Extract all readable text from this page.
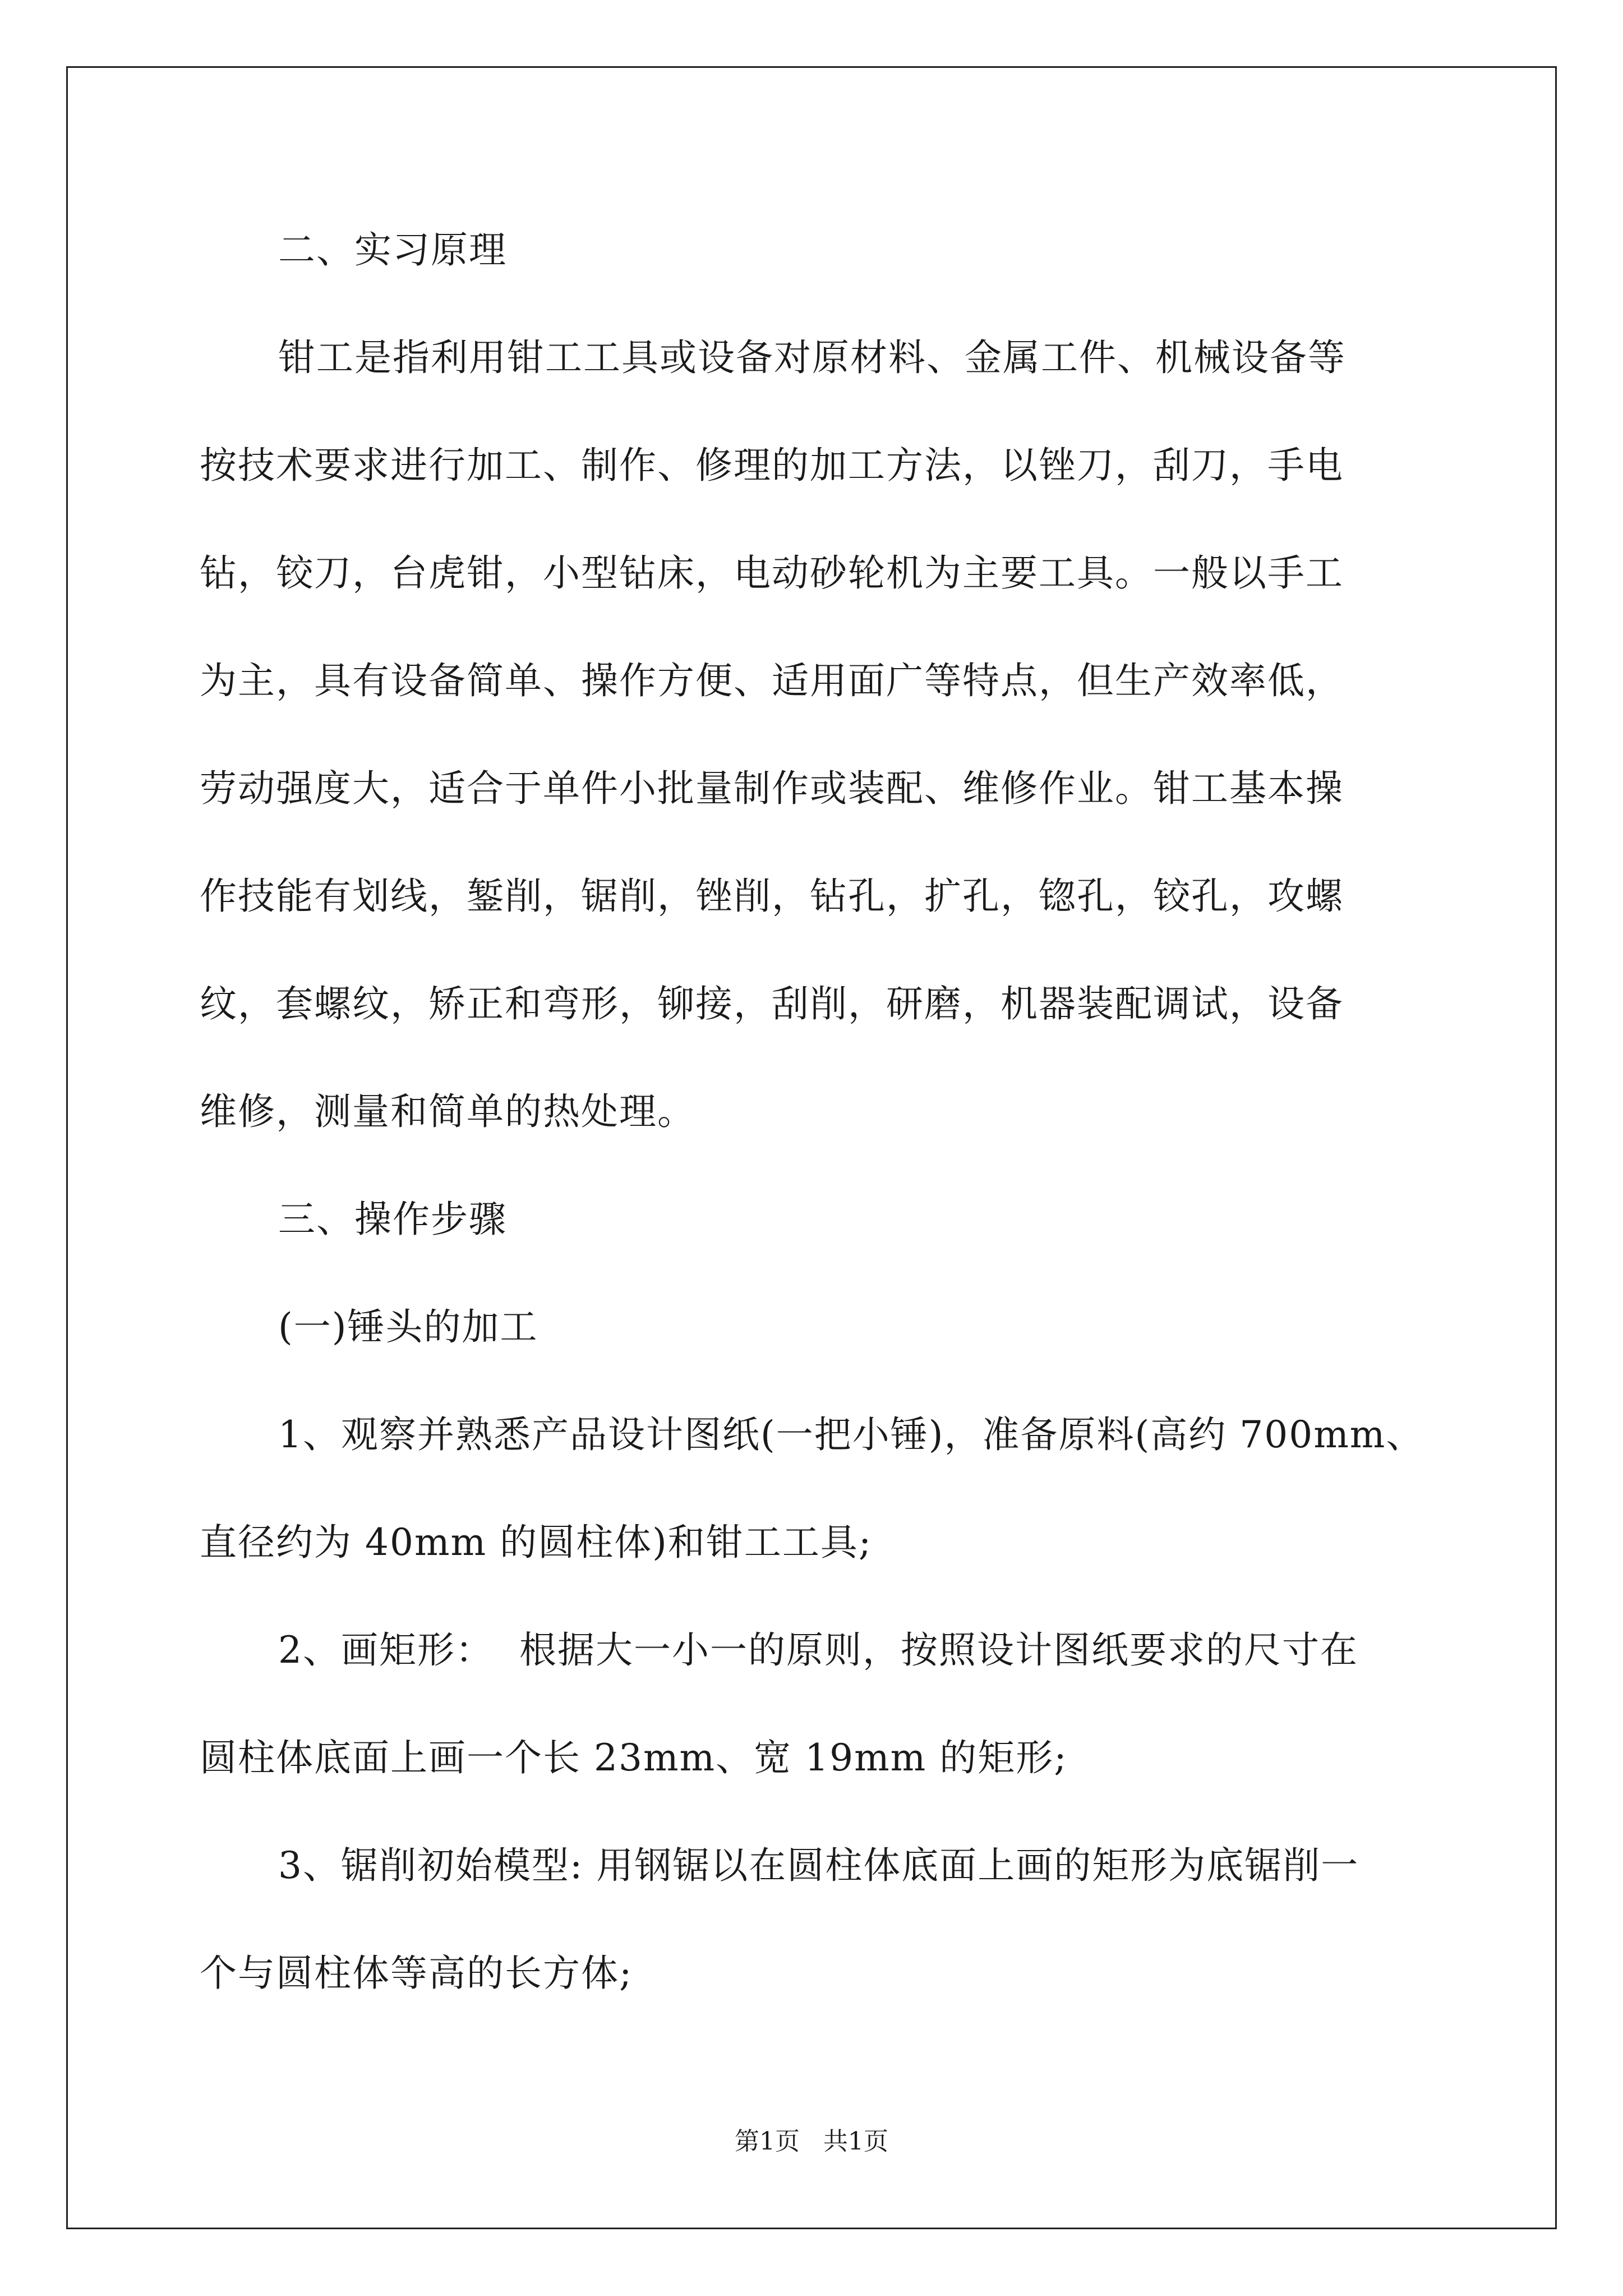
二、实习原理
钳工是指利用钳工工具或设备对原材料、金属工件、机械设备等
按技术要求进行加工、制作、修理的加工方法，以锉刀，刮刀，手电
钻，铰刀，台虎钳，小型钻床，电动砂轮机为主要工具。一般以手工
为主，具有设备简单、操作方便、适用面广等特点，但生产效率低，
劳动强度大，适合于单件小批量制作或装配、维修作业。钳工基本操
作技能有划线，錾削，锯削，锉削，钻孔，扩孔，锪孔，铰孔，攻螺
纹，套螺纹，矫正和弯形，铆接，刮削，研磨，机器装配调试，设备
维修，测量和简单的热处理。
三、操作步骤
(一)锤头的加工
1、观察并熟悉产品设计图纸(一把小锤)，准备原料(高约 700mm、
直径约为 40mm 的圆柱体)和钳工工具;
2、画矩形：  根据大一小一的原则，按照设计图纸要求的尺寸在
圆柱体底面上画一个长 23mm、宽 19mm 的矩形;
3、锯削初始模型: 用钢锯以在圆柱体底面上画的矩形为底锯削一
个与圆柱体等高的长方体;
第1页   共1页
